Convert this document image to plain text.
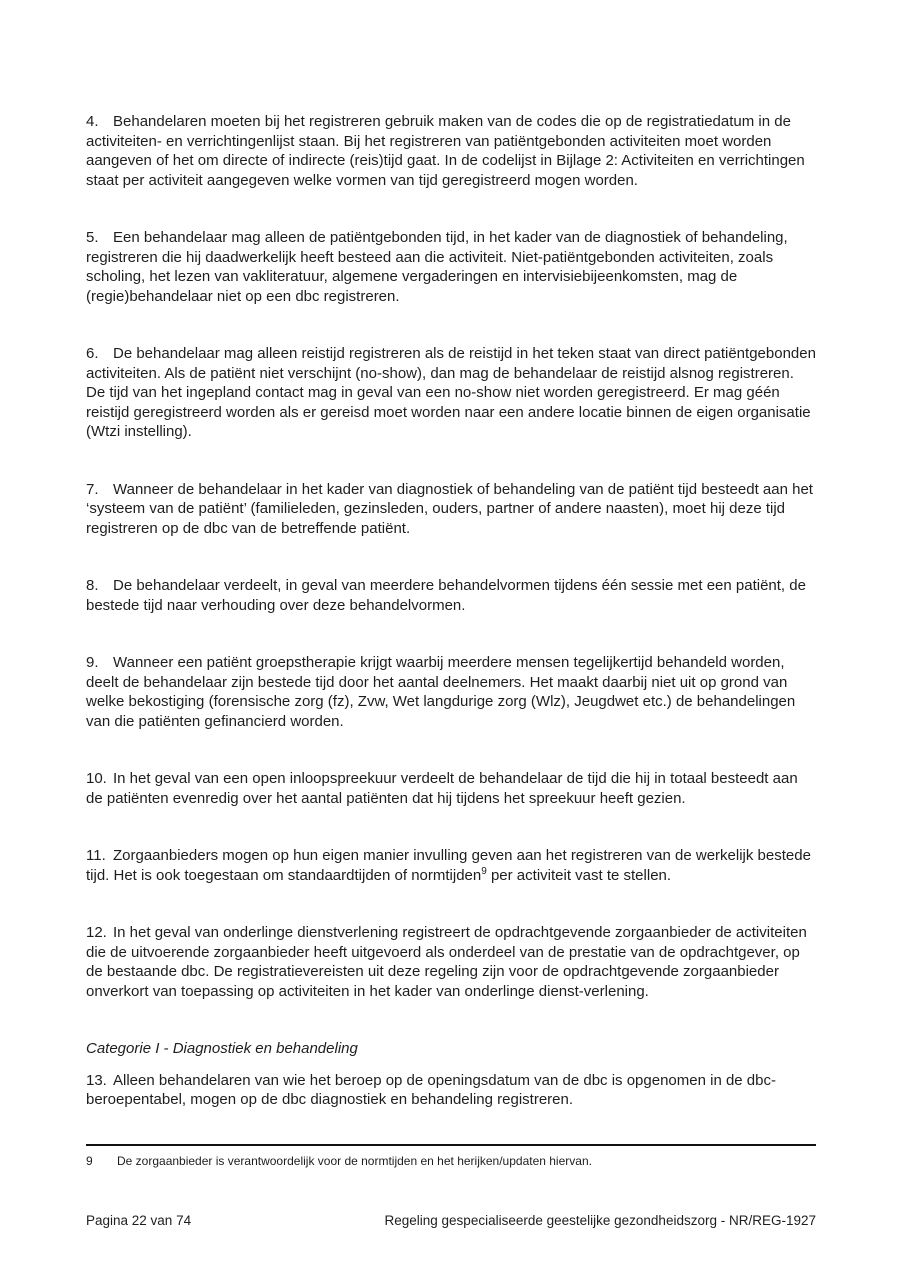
4. Behandelaren moeten bij het registreren gebruik maken van de codes die op de registratiedatum in de activiteiten- en verrichtingenlijst staan. Bij het registreren van patiëntgebonden activiteiten moet worden aangeven of het om directe of indirecte (reis)tijd gaat. In de codelijst in Bijlage 2: Activiteiten en verrichtingen staat per activiteit aangegeven welke vormen van tijd geregistreerd mogen worden.

5. Een behandelaar mag alleen de patiëntgebonden tijd, in het kader van de diagnostiek of behandeling, registreren die hij daadwerkelijk heeft besteed aan die activiteit. Niet-patiëntgebonden activiteiten, zoals scholing, het lezen van vakliteratuur, algemene vergaderingen en intervisiebijeenkomsten, mag de (regie)behandelaar niet op een dbc registreren.

6. De behandelaar mag alleen reistijd registreren als de reistijd in het teken staat van direct patiëntgebonden activiteiten. Als de patiënt niet verschijnt (no-show), dan mag de behandelaar de reistijd alsnog registreren. De tijd van het ingepland contact mag in geval van een no-show niet worden geregistreerd. Er mag géén reistijd geregistreerd worden als er gereisd moet worden naar een andere locatie binnen de eigen organisatie (Wtzi instelling).

7. Wanneer de behandelaar in het kader van diagnostiek of behandeling van de patiënt tijd besteedt aan het ‘systeem van de patiënt’ (familieleden, gezinsleden, ouders, partner of andere naasten), moet hij deze tijd registreren op de dbc van de betreffende patiënt.

8. De behandelaar verdeelt, in geval van meerdere behandelvormen tijdens één sessie met een patiënt, de bestede tijd naar verhouding over deze behandelvormen.

9. Wanneer een patiënt groepstherapie krijgt waarbij meerdere mensen tegelijkertijd behandeld worden, deelt de behandelaar zijn bestede tijd door het aantal deelnemers. Het maakt daarbij niet uit op grond van welke bekostiging (forensische zorg (fz), Zvw, Wet langdurige zorg (Wlz), Jeugdwet etc.) de behandelingen van die patiënten gefinancierd worden.

10. In het geval van een open inloopspreekuur verdeelt de behandelaar de tijd die hij in totaal besteedt aan de patiënten evenredig over het aantal patiënten dat hij tijdens het spreekuur heeft gezien.

11. Zorgaanbieders mogen op hun eigen manier invulling geven aan het registreren van de werkelijk bestede tijd. Het is ook toegestaan om standaardtijden of normtijden$^9$ per activiteit vast te stellen.

12. In het geval van onderlinge dienstverlening registreert de opdrachtgevende zorgaanbieder de activiteiten die de uitvoerende zorgaanbieder heeft uitgevoerd als onderdeel van de prestatie van de opdrachtgever, op de bestaande dbc. De registratievereisten uit deze regeling zijn voor de opdrachtgevende zorgaanbieder onverkort van toepassing op activiteiten in het kader van onderlinge dienst-verlening.

Categorie I - Diagnostiek en behandeling

13. Alleen behandelaren van wie het beroep op de openingsdatum van de dbc is opgenomen in de dbc-beroepentabel, mogen op de dbc diagnostiek en behandeling registreren.

9 De zorgaanbieder is verantwoordelijk voor de normtijden en het herijken/updaten hiervan.
Pagina 22 van 74	Regeling gespecialiseerde geestelijke gezondheidszorg - NR/REG-1927
